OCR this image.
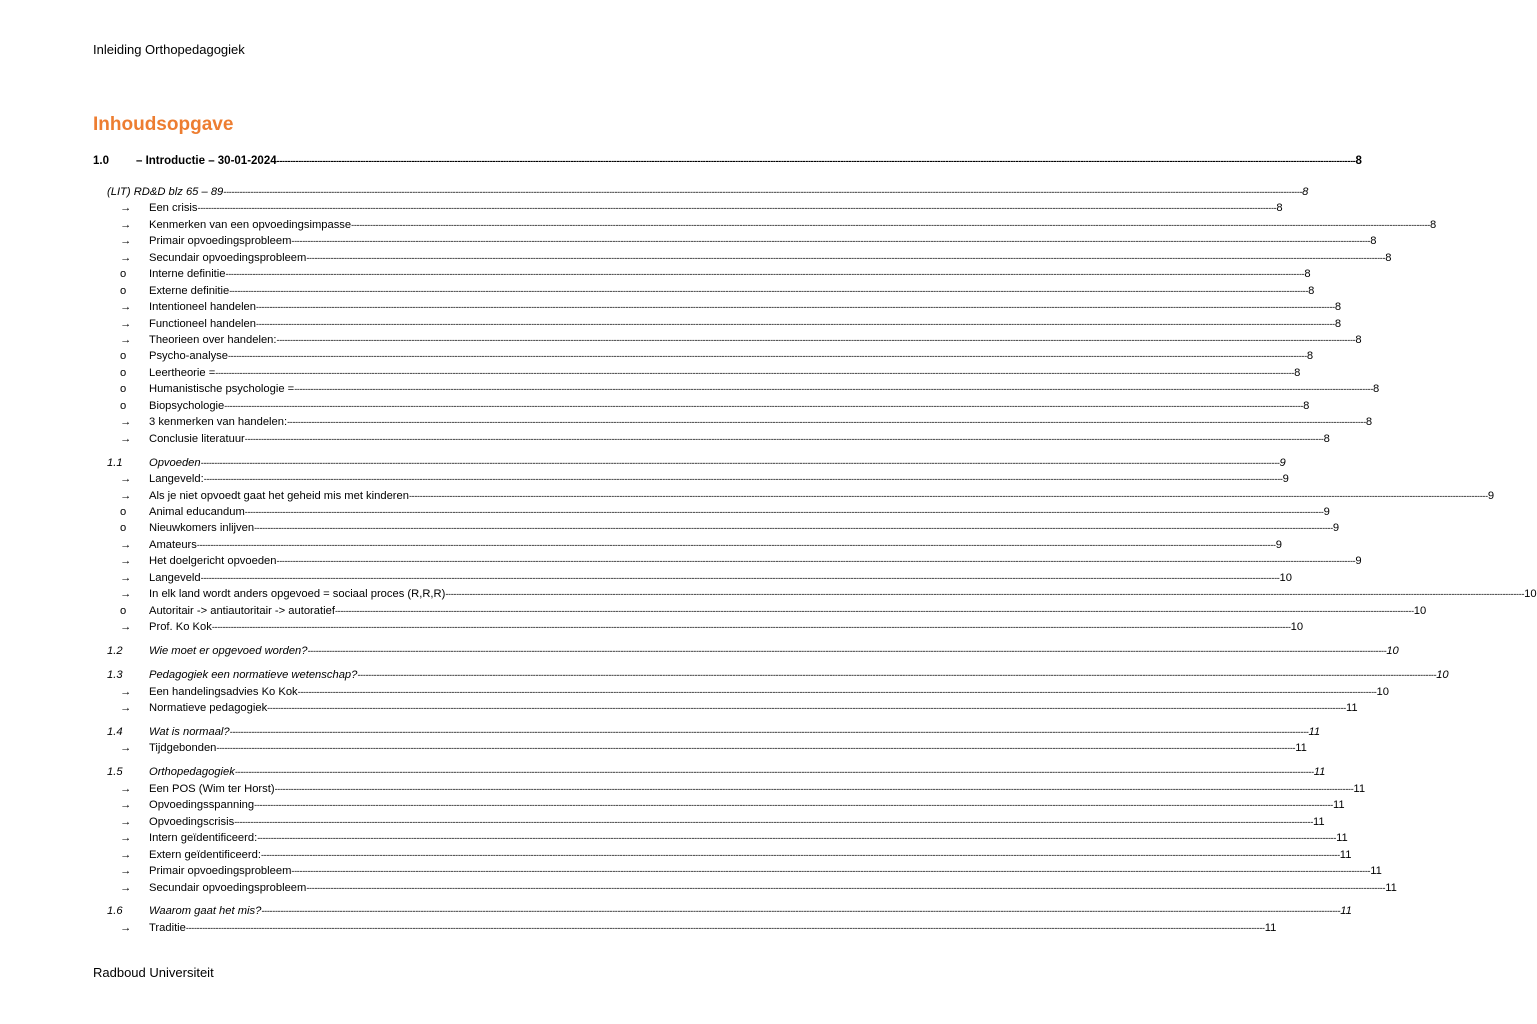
Inleiding Orthopedagogiek
Inhoudsopgave
1.0	– Introductie – 30-01-2024 ---------------------------------------------------------------------------------------------------------------------------------------------------------------------------------------------------------------------------------------------------------------------------------------------------------------------------------------------------------------------------------------------------------------- 8
(LIT) RD&D blz 65 – 89 ---------------------------------------------------------------------------------------------------------------------------------------------------------------------------------------------------------------------------------------------------------------------------------------------------------------------------------------------------------------------------------------------------------------- 8
→	Een crisis ---------------------------------------------------------------------------------------------------------------------------------------------------------------------------------------------------------------------------------------------------------------------------------------------------------------------------------------------------------------------------------------------------------------- 8
→	Kenmerken van een opvoedingsimpasse ---------------------------------------------------------------------------------------------------------------------------------------------------------------------------------------------------------------------------------------------------------------------------------------------------------------------------------------------------------------------------------------------------------------- 8
→	Primair opvoedingsprobleem ---------------------------------------------------------------------------------------------------------------------------------------------------------------------------------------------------------------------------------------------------------------------------------------------------------------------------------------------------------------------------------------------------------------- 8
→	Secundair opvoedingsprobleem ---------------------------------------------------------------------------------------------------------------------------------------------------------------------------------------------------------------------------------------------------------------------------------------------------------------------------------------------------------------------------------------------------------------- 8
o	Interne definitie ---------------------------------------------------------------------------------------------------------------------------------------------------------------------------------------------------------------------------------------------------------------------------------------------------------------------------------------------------------------------------------------------------------------- 8
o	Externe definitie ---------------------------------------------------------------------------------------------------------------------------------------------------------------------------------------------------------------------------------------------------------------------------------------------------------------------------------------------------------------------------------------------------------------- 8
→	Intentioneel handelen ---------------------------------------------------------------------------------------------------------------------------------------------------------------------------------------------------------------------------------------------------------------------------------------------------------------------------------------------------------------------------------------------------------------- 8
→	Functioneel handelen ---------------------------------------------------------------------------------------------------------------------------------------------------------------------------------------------------------------------------------------------------------------------------------------------------------------------------------------------------------------------------------------------------------------- 8
→	Theorieen over handelen: ---------------------------------------------------------------------------------------------------------------------------------------------------------------------------------------------------------------------------------------------------------------------------------------------------------------------------------------------------------------------------------------------------------------- 8
o	Psycho-analyse ---------------------------------------------------------------------------------------------------------------------------------------------------------------------------------------------------------------------------------------------------------------------------------------------------------------------------------------------------------------------------------------------------------------- 8
o	Leertheorie = ---------------------------------------------------------------------------------------------------------------------------------------------------------------------------------------------------------------------------------------------------------------------------------------------------------------------------------------------------------------------------------------------------------------- 8
o	Humanistische psychologie = ---------------------------------------------------------------------------------------------------------------------------------------------------------------------------------------------------------------------------------------------------------------------------------------------------------------------------------------------------------------------------------------------------------------- 8
o	Biopsychologie ---------------------------------------------------------------------------------------------------------------------------------------------------------------------------------------------------------------------------------------------------------------------------------------------------------------------------------------------------------------------------------------------------------------- 8
→	3 kenmerken van handelen: ---------------------------------------------------------------------------------------------------------------------------------------------------------------------------------------------------------------------------------------------------------------------------------------------------------------------------------------------------------------------------------------------------------------- 8
→	Conclusie literatuur ---------------------------------------------------------------------------------------------------------------------------------------------------------------------------------------------------------------------------------------------------------------------------------------------------------------------------------------------------------------------------------------------------------------- 8
1.1	Opvoeden ---------------------------------------------------------------------------------------------------------------------------------------------------------------------------------------------------------------------------------------------------------------------------------------------------------------------------------------------------------------------------------------------------------------- 9
→	Langeveld: ---------------------------------------------------------------------------------------------------------------------------------------------------------------------------------------------------------------------------------------------------------------------------------------------------------------------------------------------------------------------------------------------------------------- 9
→	Als je niet opvoedt gaat het geheid mis met kinderen ---------------------------------------------------------------------------------------------------------------------------------------------------------------------------------------------------------------------------------------------------------------------------------------------------------------------------------------------------------------------------------------------------------------- 9
o	Animal educandum ---------------------------------------------------------------------------------------------------------------------------------------------------------------------------------------------------------------------------------------------------------------------------------------------------------------------------------------------------------------------------------------------------------------- 9
o	Nieuwkomers inlijven ---------------------------------------------------------------------------------------------------------------------------------------------------------------------------------------------------------------------------------------------------------------------------------------------------------------------------------------------------------------------------------------------------------------- 9
→	Amateurs ---------------------------------------------------------------------------------------------------------------------------------------------------------------------------------------------------------------------------------------------------------------------------------------------------------------------------------------------------------------------------------------------------------------- 9
→	Het doelgericht opvoeden ---------------------------------------------------------------------------------------------------------------------------------------------------------------------------------------------------------------------------------------------------------------------------------------------------------------------------------------------------------------------------------------------------------------- 9
→	Langeveld ---------------------------------------------------------------------------------------------------------------------------------------------------------------------------------------------------------------------------------------------------------------------------------------------------------------------------------------------------------------------------------------------------------------- 10
→	In elk land wordt anders opgevoed = sociaal proces (R,R,R) ---------------------------------------------------------------------------------------------------------------------------------------------------------------------------------------------------------------------------------------------------------------------------------------------------------------------------------------------------------------------------------------------------------------- 10
o	Autoritair -> antiautoritair -> autoratief ---------------------------------------------------------------------------------------------------------------------------------------------------------------------------------------------------------------------------------------------------------------------------------------------------------------------------------------------------------------------------------------------------------------- 10
→	Prof. Ko Kok ---------------------------------------------------------------------------------------------------------------------------------------------------------------------------------------------------------------------------------------------------------------------------------------------------------------------------------------------------------------------------------------------------------------- 10
1.2	Wie moet er opgevoed worden? ---------------------------------------------------------------------------------------------------------------------------------------------------------------------------------------------------------------------------------------------------------------------------------------------------------------------------------------------------------------------------------------------------------------- 10
1.3	Pedagogiek een normatieve wetenschap? ---------------------------------------------------------------------------------------------------------------------------------------------------------------------------------------------------------------------------------------------------------------------------------------------------------------------------------------------------------------------------------------------------------------- 10
→	Een handelingsadvies Ko Kok ---------------------------------------------------------------------------------------------------------------------------------------------------------------------------------------------------------------------------------------------------------------------------------------------------------------------------------------------------------------------------------------------------------------- 10
→	Normatieve pedagogiek ---------------------------------------------------------------------------------------------------------------------------------------------------------------------------------------------------------------------------------------------------------------------------------------------------------------------------------------------------------------------------------------------------------------- 11
1.4	Wat is normaal? ---------------------------------------------------------------------------------------------------------------------------------------------------------------------------------------------------------------------------------------------------------------------------------------------------------------------------------------------------------------------------------------------------------------- 11
→	Tijdgebonden ---------------------------------------------------------------------------------------------------------------------------------------------------------------------------------------------------------------------------------------------------------------------------------------------------------------------------------------------------------------------------------------------------------------- 11
1.5	Orthopedagogiek ---------------------------------------------------------------------------------------------------------------------------------------------------------------------------------------------------------------------------------------------------------------------------------------------------------------------------------------------------------------------------------------------------------------- 11
→	Een POS (Wim ter Horst) ---------------------------------------------------------------------------------------------------------------------------------------------------------------------------------------------------------------------------------------------------------------------------------------------------------------------------------------------------------------------------------------------------------------- 11
→	Opvoedingsspanning ---------------------------------------------------------------------------------------------------------------------------------------------------------------------------------------------------------------------------------------------------------------------------------------------------------------------------------------------------------------------------------------------------------------- 11
→	Opvoedingscrisis ---------------------------------------------------------------------------------------------------------------------------------------------------------------------------------------------------------------------------------------------------------------------------------------------------------------------------------------------------------------------------------------------------------------- 11
→	Intern geïdentificeerd: ---------------------------------------------------------------------------------------------------------------------------------------------------------------------------------------------------------------------------------------------------------------------------------------------------------------------------------------------------------------------------------------------------------------- 11
→	Extern geïdentificeerd: ---------------------------------------------------------------------------------------------------------------------------------------------------------------------------------------------------------------------------------------------------------------------------------------------------------------------------------------------------------------------------------------------------------------- 11
→	Primair opvoedingsprobleem ---------------------------------------------------------------------------------------------------------------------------------------------------------------------------------------------------------------------------------------------------------------------------------------------------------------------------------------------------------------------------------------------------------------- 11
→	Secundair opvoedingsprobleem ---------------------------------------------------------------------------------------------------------------------------------------------------------------------------------------------------------------------------------------------------------------------------------------------------------------------------------------------------------------------------------------------------------------- 11
1.6	Waarom gaat het mis? ---------------------------------------------------------------------------------------------------------------------------------------------------------------------------------------------------------------------------------------------------------------------------------------------------------------------------------------------------------------------------------------------------------------- 11
→	Traditie ---------------------------------------------------------------------------------------------------------------------------------------------------------------------------------------------------------------------------------------------------------------------------------------------------------------------------------------------------------------------------------------------------------------- 11
Radboud Universiteit
